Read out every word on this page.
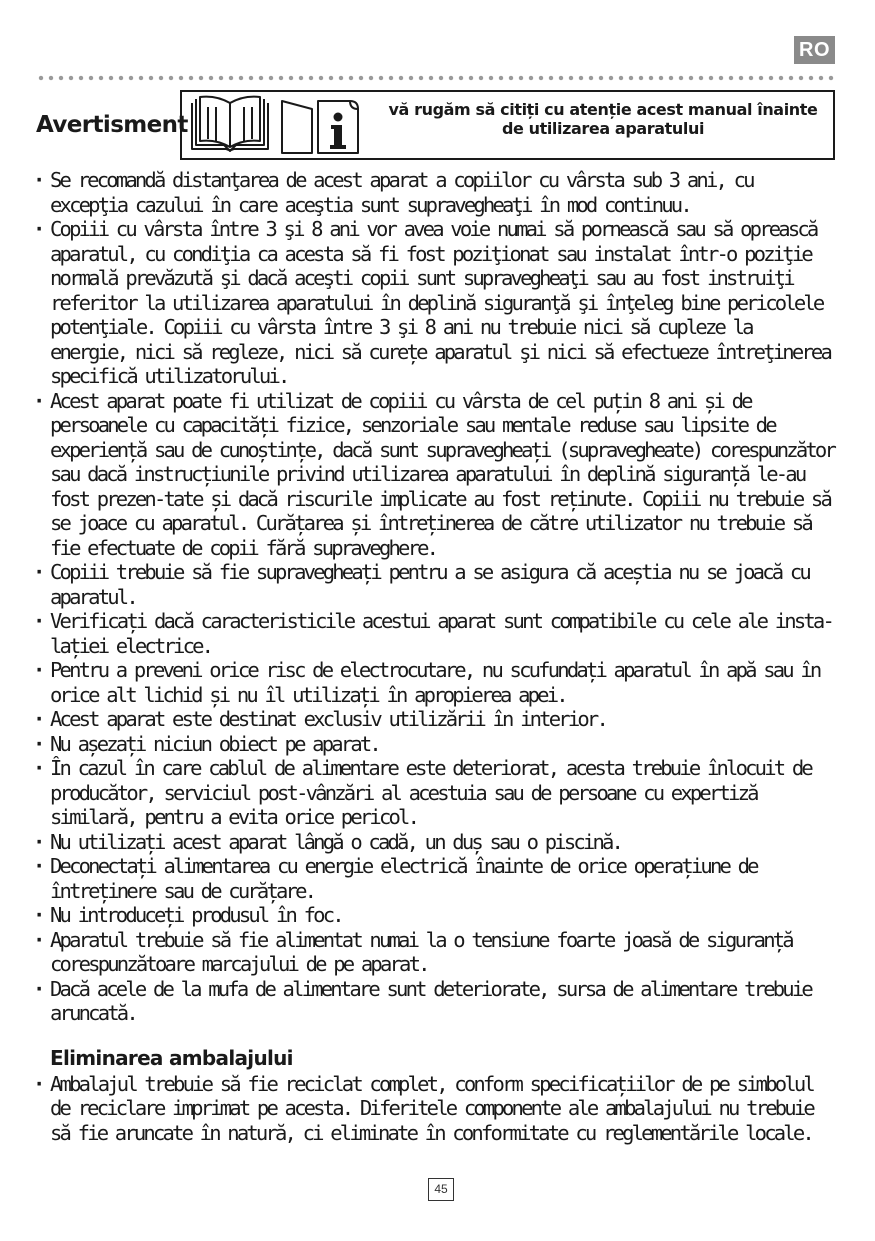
RO
Avertisment
vă rugăm să citiți cu atenție acest manual înainte
de utilizarea aparatului
· Se recomandă distanţarea de acest aparat a copiilor cu vârsta sub 3 ani, cu excepţia cazului în care aceştia sunt supravegheaţi în mod continuu.
· Copiii cu vârsta între 3 şi 8 ani vor avea voie numai să pornească sau să oprească aparatul, cu condiţia ca acesta să fi fost poziţionat sau instalat într-o poziţie normală prevăzută şi dacă aceşti copii sunt supravegheaţi sau au fost instruiţi referitor la utilizarea aparatului în deplină siguranţă şi înţeleg bine pericolele potenţiale. Copiii cu vârsta între 3 şi 8 ani nu trebuie nici să cupleze la energie, nici să regleze, nici să curețe aparatul şi nici să efectueze întreţinerea specifică utilizatorului.
· Acest aparat poate fi utilizat de copiii cu vârsta de cel puțin 8 ani și de persoanele cu capacități fizice, senzoriale sau mentale reduse sau lipsite de experiență sau de cunoștințe, dacă sunt supravegheați (supravegheate) corespunzător sau dacă instrucțiunile privind utilizarea aparatului în deplină siguranță le-au fost prezen-tate și dacă riscurile implicate au fost reținute. Copiii nu trebuie să se joace cu aparatul. Curățarea și întreținerea de către utilizator nu trebuie să fie efectuate de copii fără supraveghere.
· Copiii trebuie să fie supravegheați pentru a se asigura că aceștia nu se joacă cu aparatul.
· Verificați dacă caracteristicile acestui aparat sunt compatibile cu cele ale insta-lației electrice.
· Pentru a preveni orice risc de electrocutare, nu scufundați aparatul în apă sau în orice alt lichid și nu îl utilizați în apropierea apei.
· Acest aparat este destinat exclusiv utilizării în interior.
· Nu așezați niciun obiect pe aparat.
· În cazul în care cablul de alimentare este deteriorat, acesta trebuie înlocuit de producător, serviciul post-vânzări al acestuia sau de persoane cu expertiză similară, pentru a evita orice pericol.
· Nu utilizați acest aparat lângă o cadă, un duș sau o piscină.
· Deconectați alimentarea cu energie electrică înainte de orice operațiune de întreținere sau de curățare.
· Nu introduceți produsul în foc.
· Aparatul trebuie să fie alimentat numai la o tensiune foarte joasă de siguranță corespunzătoare marcajului de pe aparat.
· Dacă acele de la mufa de alimentare sunt deteriorate, sursa de alimentare trebuie aruncată.
Eliminarea ambalajului
· Ambalajul trebuie să fie reciclat complet, conform specificațiilor de pe simbolul de reciclare imprimat pe acesta. Diferitele componente ale ambalajului nu trebuie să fie aruncate în natură, ci eliminate în conformitate cu reglementările locale.
45
